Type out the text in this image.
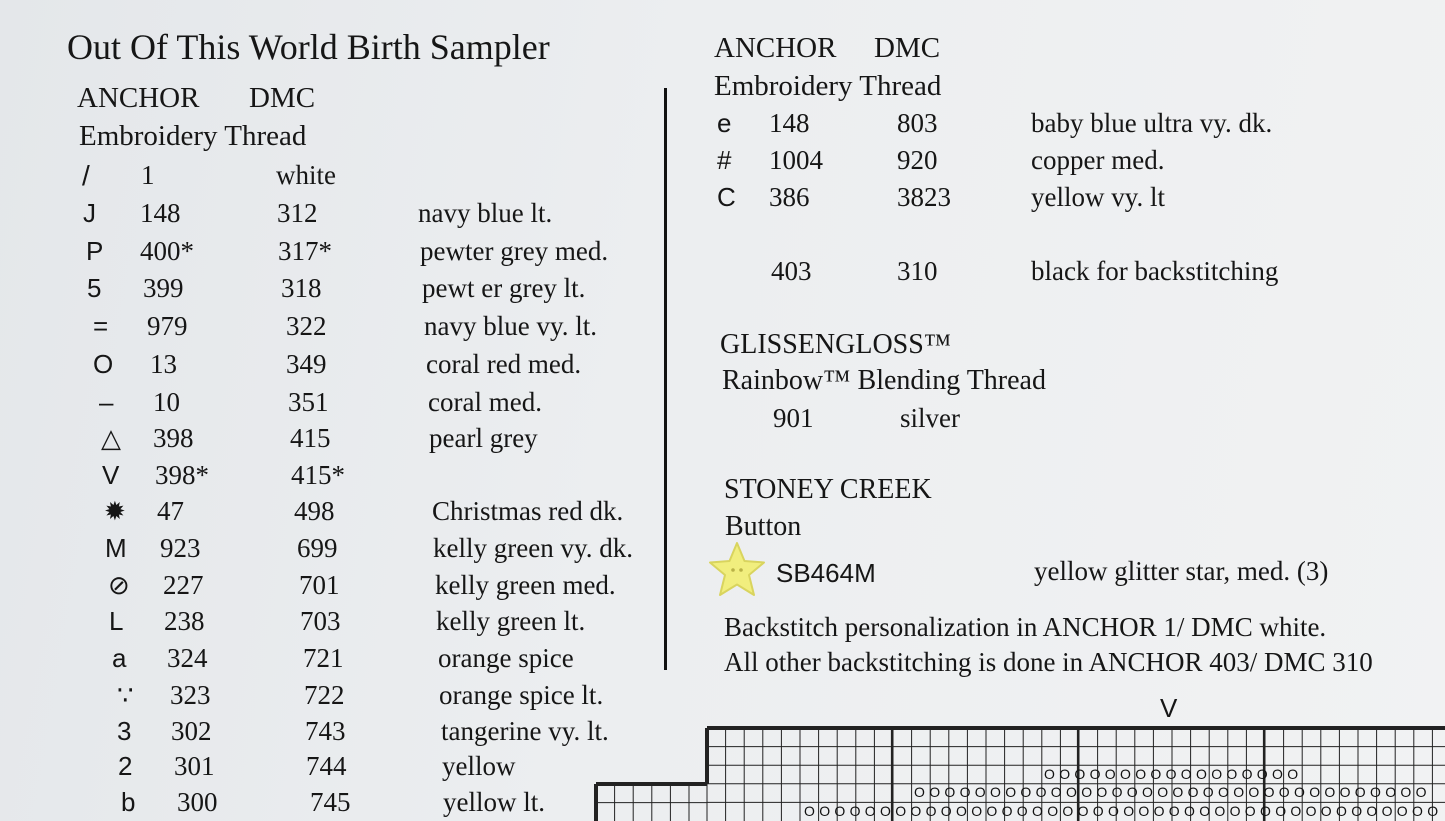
Out Of This World Birth Sampler
ANCHOR DMC
Embroidery Thread
/ 1	white
J 148	312	navy blue lt.
P 400*	317*	pewter grey med.
5 399	318	pewt er grey lt.
= 979	322	navy blue vy. lt.
O 13	349	coral red med.
‒ 10	351	coral med.
△ 398	415	pearl grey
V 398*	415*
✹ 47	498	Christmas red dk.
M 923	699	kelly green vy. dk.
⊘ 227	701	kelly green med.
L 238	703	kelly green lt.
a 324	721	orange spice
∵ 323	722	orange spice lt.
3 302	743	tangerine vy. lt.
2 301	744	yellow
b 300	745	yellow lt.
ANCHOR DMC
Embroidery Thread
e 148	803	baby blue ultra vy. dk.
# 1004	920	copper med.
C 386	3823	yellow vy. lt
403	310	black for backstitching
GLISSENGLOSS™
Rainbow™ Blending Thread
901	silver
STONEY CREEK
Button
SB464M	yellow glitter star, med. (3)
Backstitch personalization in ANCHOR 1/ DMC white.
All other backstitching is done in ANCHOR 403/ DMC 310
V
O O O O O O O O O O O O O O O O O
O O O O O O O O O O O O O O O O O O O O O O O O O O O O O O O O O O
O O O O O O O O O O O O O O O O O O O O O O O O O O O O O O O O O O O O O O O O O O
